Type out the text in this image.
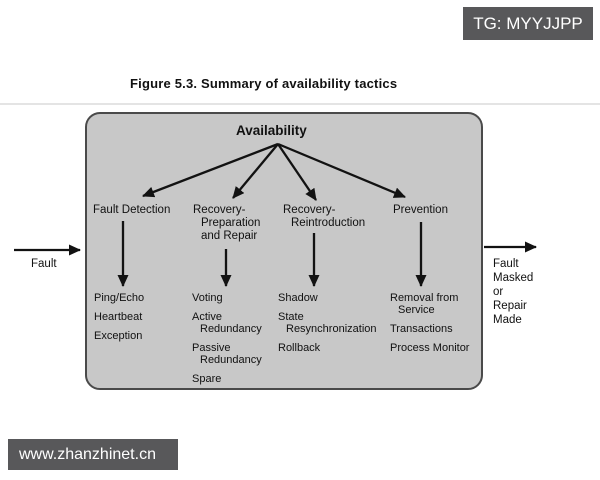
TG: MYYJJPP
Figure 5.3. Summary of availability tactics
Availability
Fault Detection Recovery-
Preparation
and Repair
Recovery-
Reintroduction
Prevention
Ping/Echo
Heartbeat
Exception
Voting
Active
Redundancy
Passive
Redundancy
Spare
Shadow
State
Resynchronization
Rollback
Removal from
Service
Transactions
Process Monitor
Fault	Fault
Masked
or
Repair
Made
www.zhanzhinet.cn
